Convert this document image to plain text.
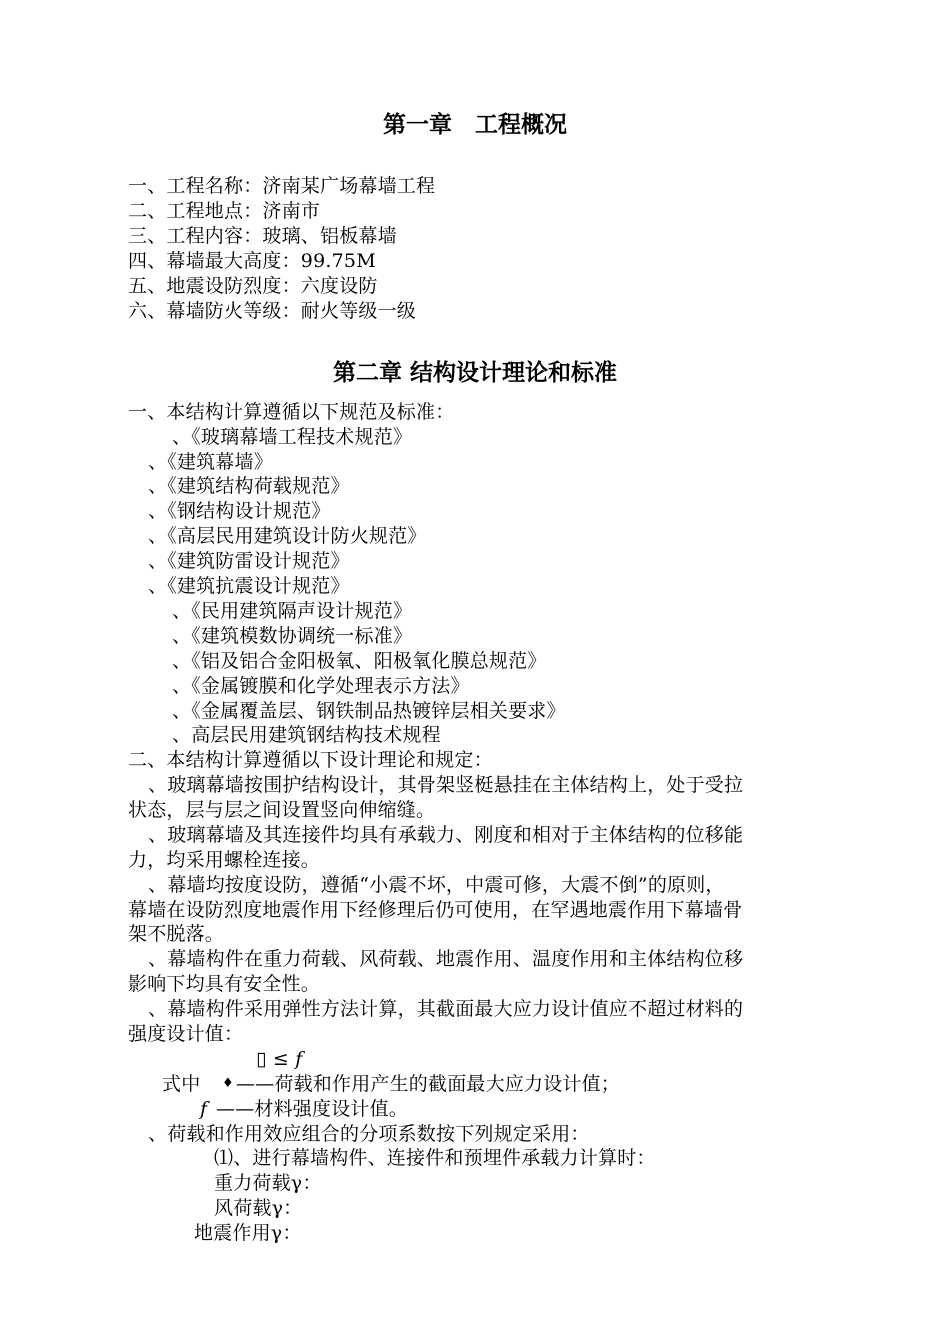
第一章　工程概况
一、工程名称：济南某广场幕墙工程
二、工程地点：济南市
三、工程内容：玻璃、铝板幕墙
四、幕墙最大高度：99.75M
五、地震设防烈度：六度设防
六、幕墙防火等级：耐火等级一级
第二章 结构设计理论和标准
一、本结构计算遵循以下规范及标准：
、《玻璃幕墙工程技术规范》
、《建筑幕墙》
、《建筑结构荷载规范》
、《钢结构设计规范》
、《高层民用建筑设计防火规范》
、《建筑防雷设计规范》
、《建筑抗震设计规范》
、《民用建筑隔声设计规范》
、《建筑模数协调统一标准》
、《铝及铝合金阳极氧、阳极氧化膜总规范》
、《金属镀膜和化学处理表示方法》
、《金属覆盖层、钢铁制品热镀锌层相关要求》
、高层民用建筑钢结构技术规程
二、本结构计算遵循以下设计理论和规定：
、玻璃幕墙按围护结构设计，其骨架竖梃悬挂在主体结构上，处于受拉
状态，层与层之间设置竖向伸缩缝。
、玻璃幕墙及其连接件均具有承载力、刚度和相对于主体结构的位移能
力，均采用螺栓连接。
、幕墙均按度设防，遵循“小震不坏，中震可修，大震不倒”的原则，
幕墙在设防烈度地震作用下经修理后仍可使用，在罕遇地震作用下幕墙骨
架不脱落。
、幕墙构件在重力荷载、风荷载、地震作用、温度作用和主体结构位移
影响下均具有安全性。
、幕墙构件采用弹性方法计算，其截面最大应力设计值应不超过材料的
强度设计值：
▯ ≤ f
式中 ♦ ——荷载和作用产生的截面最大应力设计值；
f ——材料强度设计值。
、荷载和作用效应组合的分项系数按下列规定采用：
⑴、进行幕墙构件、连接件和预埋件承载力计算时：
重力荷载γ：
风荷载γ：
地震作用γ：
